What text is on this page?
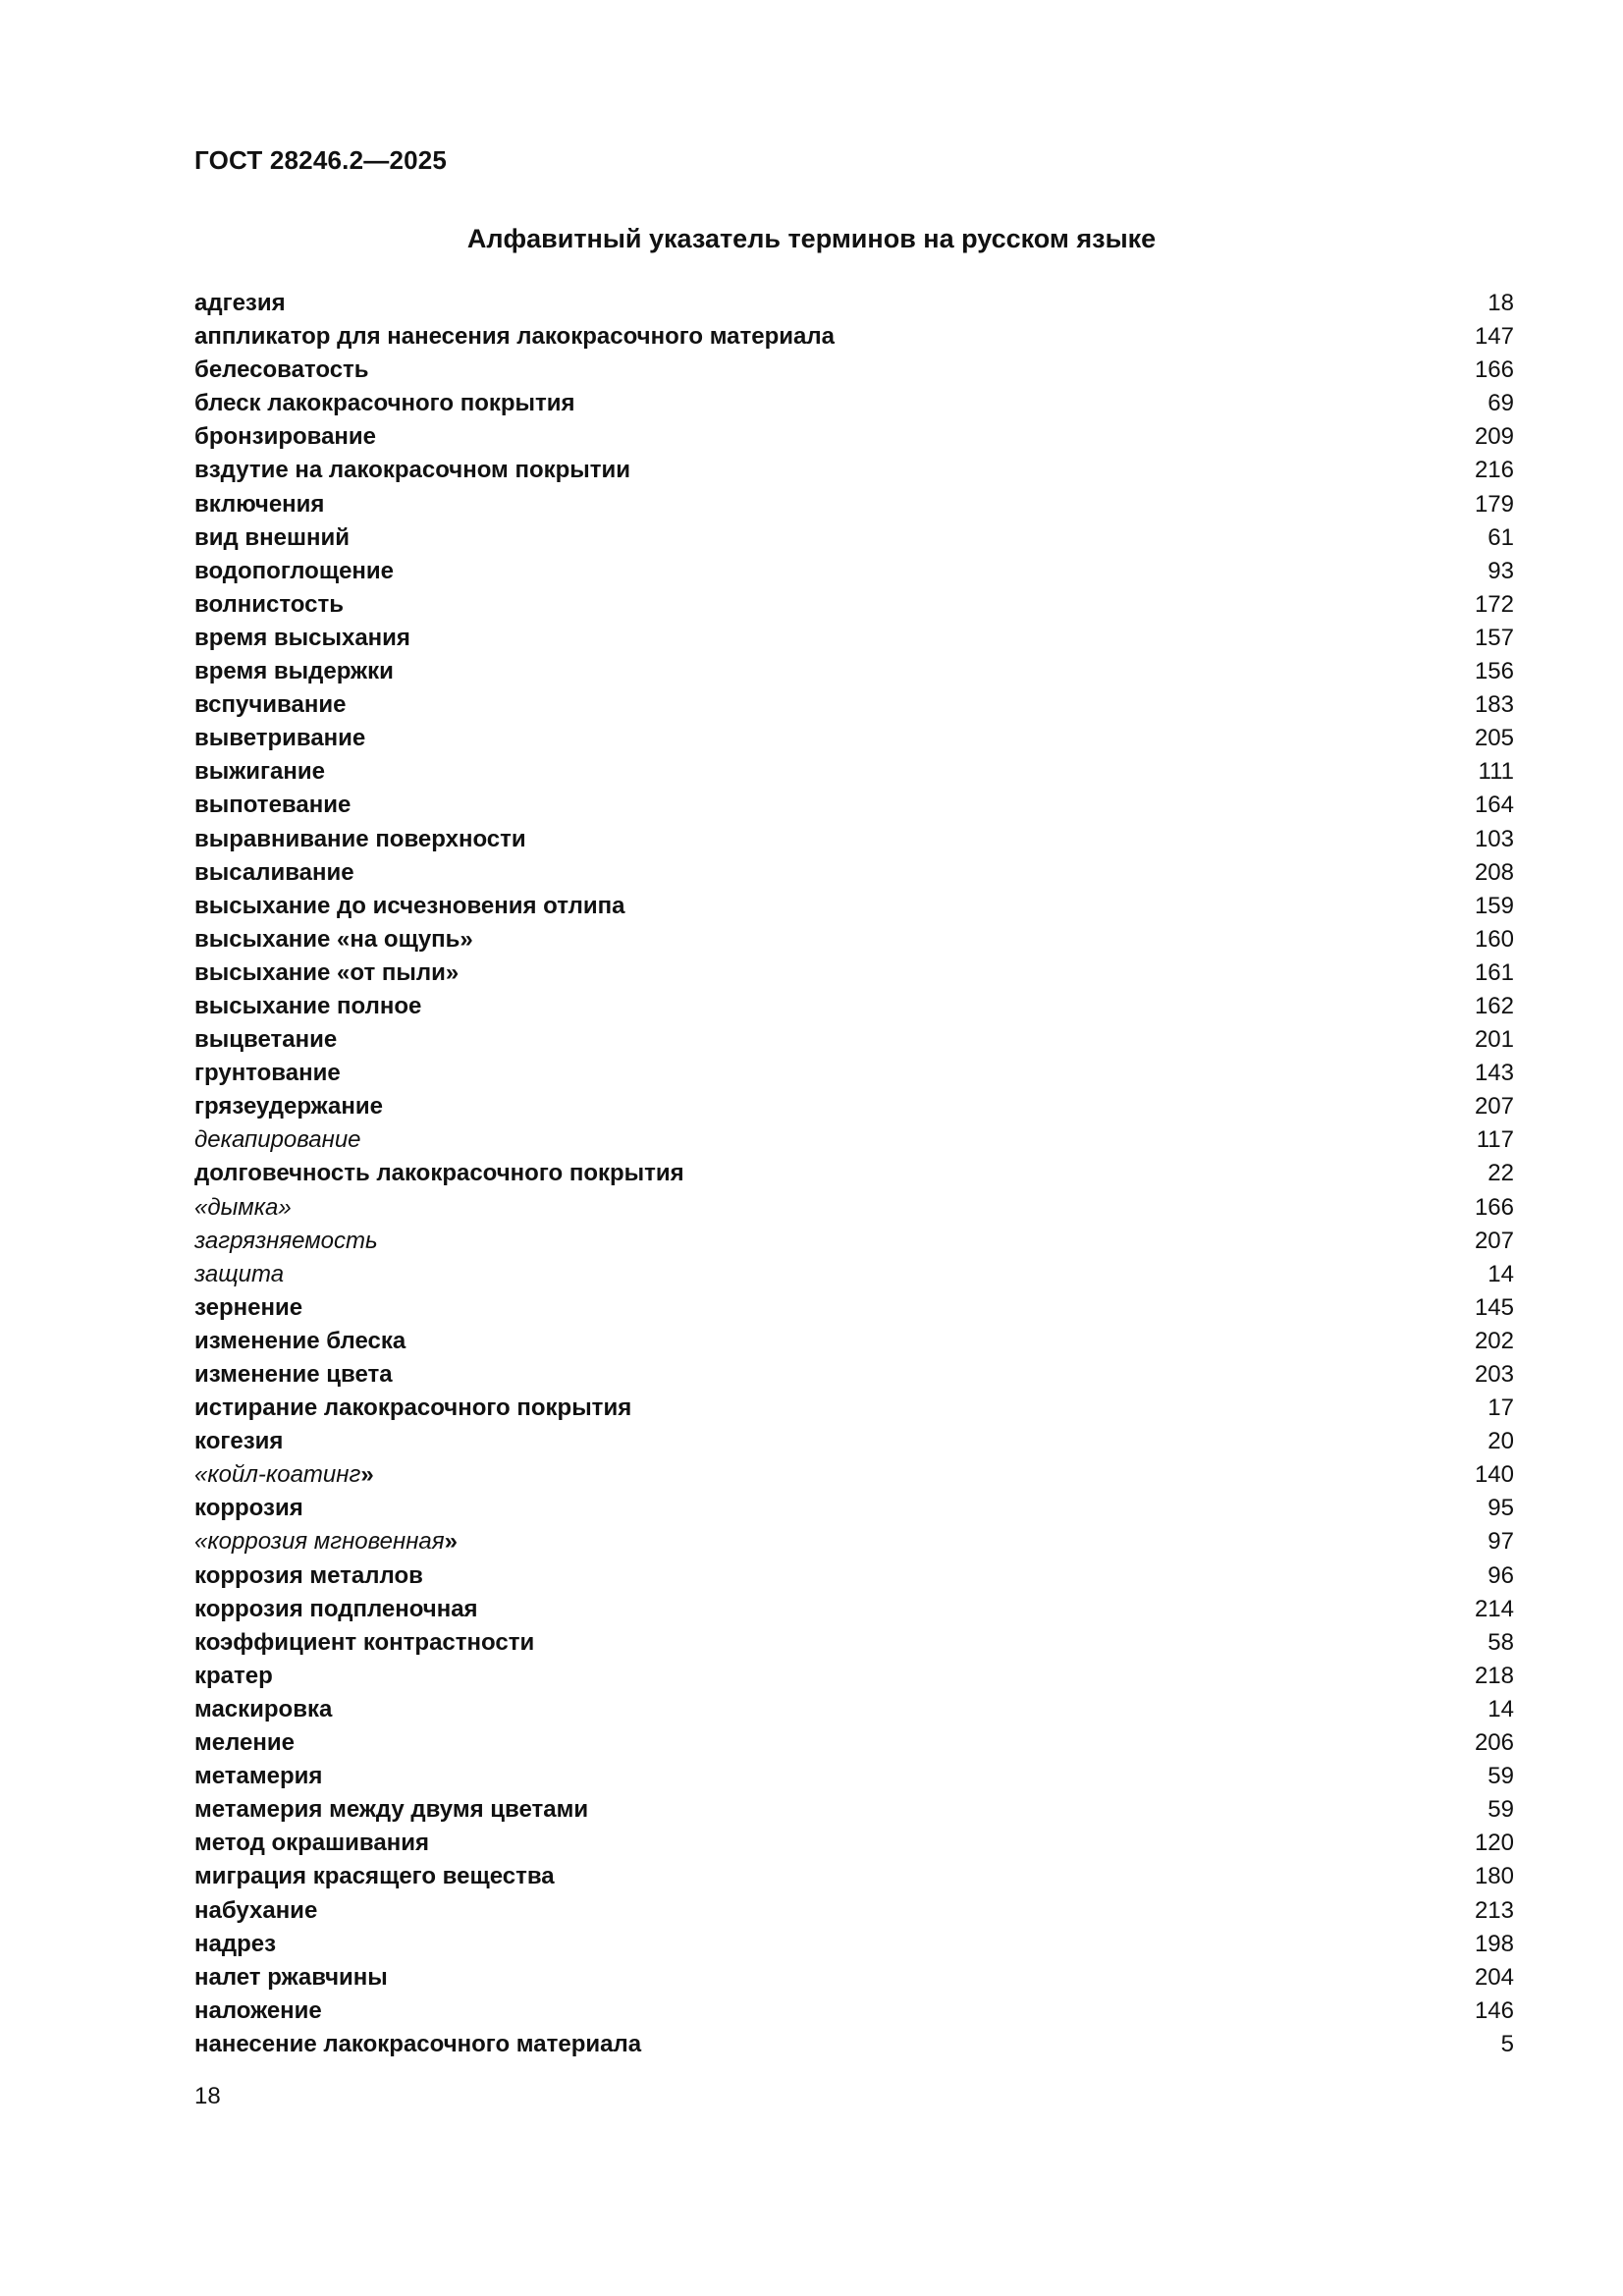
ГОСТ 28246.2—2025
Алфавитный указатель терминов на русском языке
адгезия	18
аппликатор для нанесения лакокрасочного материала	147
белесоватость	166
блеск лакокрасочного покрытия	69
бронзирование	209
вздутие на лакокрасочном покрытии	216
включения	179
вид внешний	61
водопоглощение	93
волнистость	172
время высыхания	157
время выдержки	156
вспучивание	183
выветривание	205
выжигание	111
выпотевание	164
выравнивание поверхности	103
высаливание	208
высыхание до исчезновения отлипа	159
высыхание «на ощупь»	160
высыхание «от пыли»	161
высыхание полное	162
выцветание	201
грунтование	143
грязеудержание	207
декапирование	117
долговечность лакокрасочного покрытия	22
«дымка»	166
загрязняемость	207
защита	14
зернение	145
изменение блеска	202
изменение цвета	203
истирание лакокрасочного покрытия	17
когезия	20
«койл-коатинг»	140
коррозия	95
«коррозия мгновенная»	97
коррозия металлов	96
коррозия подпленочная	214
коэффициент контрастности	58
кратер	218
маскировка	14
меление	206
метамерия	59
метамерия между двумя цветами	59
метод окрашивания	120
миграция красящего вещества	180
набухание	213
надрез	198
налет ржавчины	204
наложение	146
нанесение лакокрасочного материала	5
18
